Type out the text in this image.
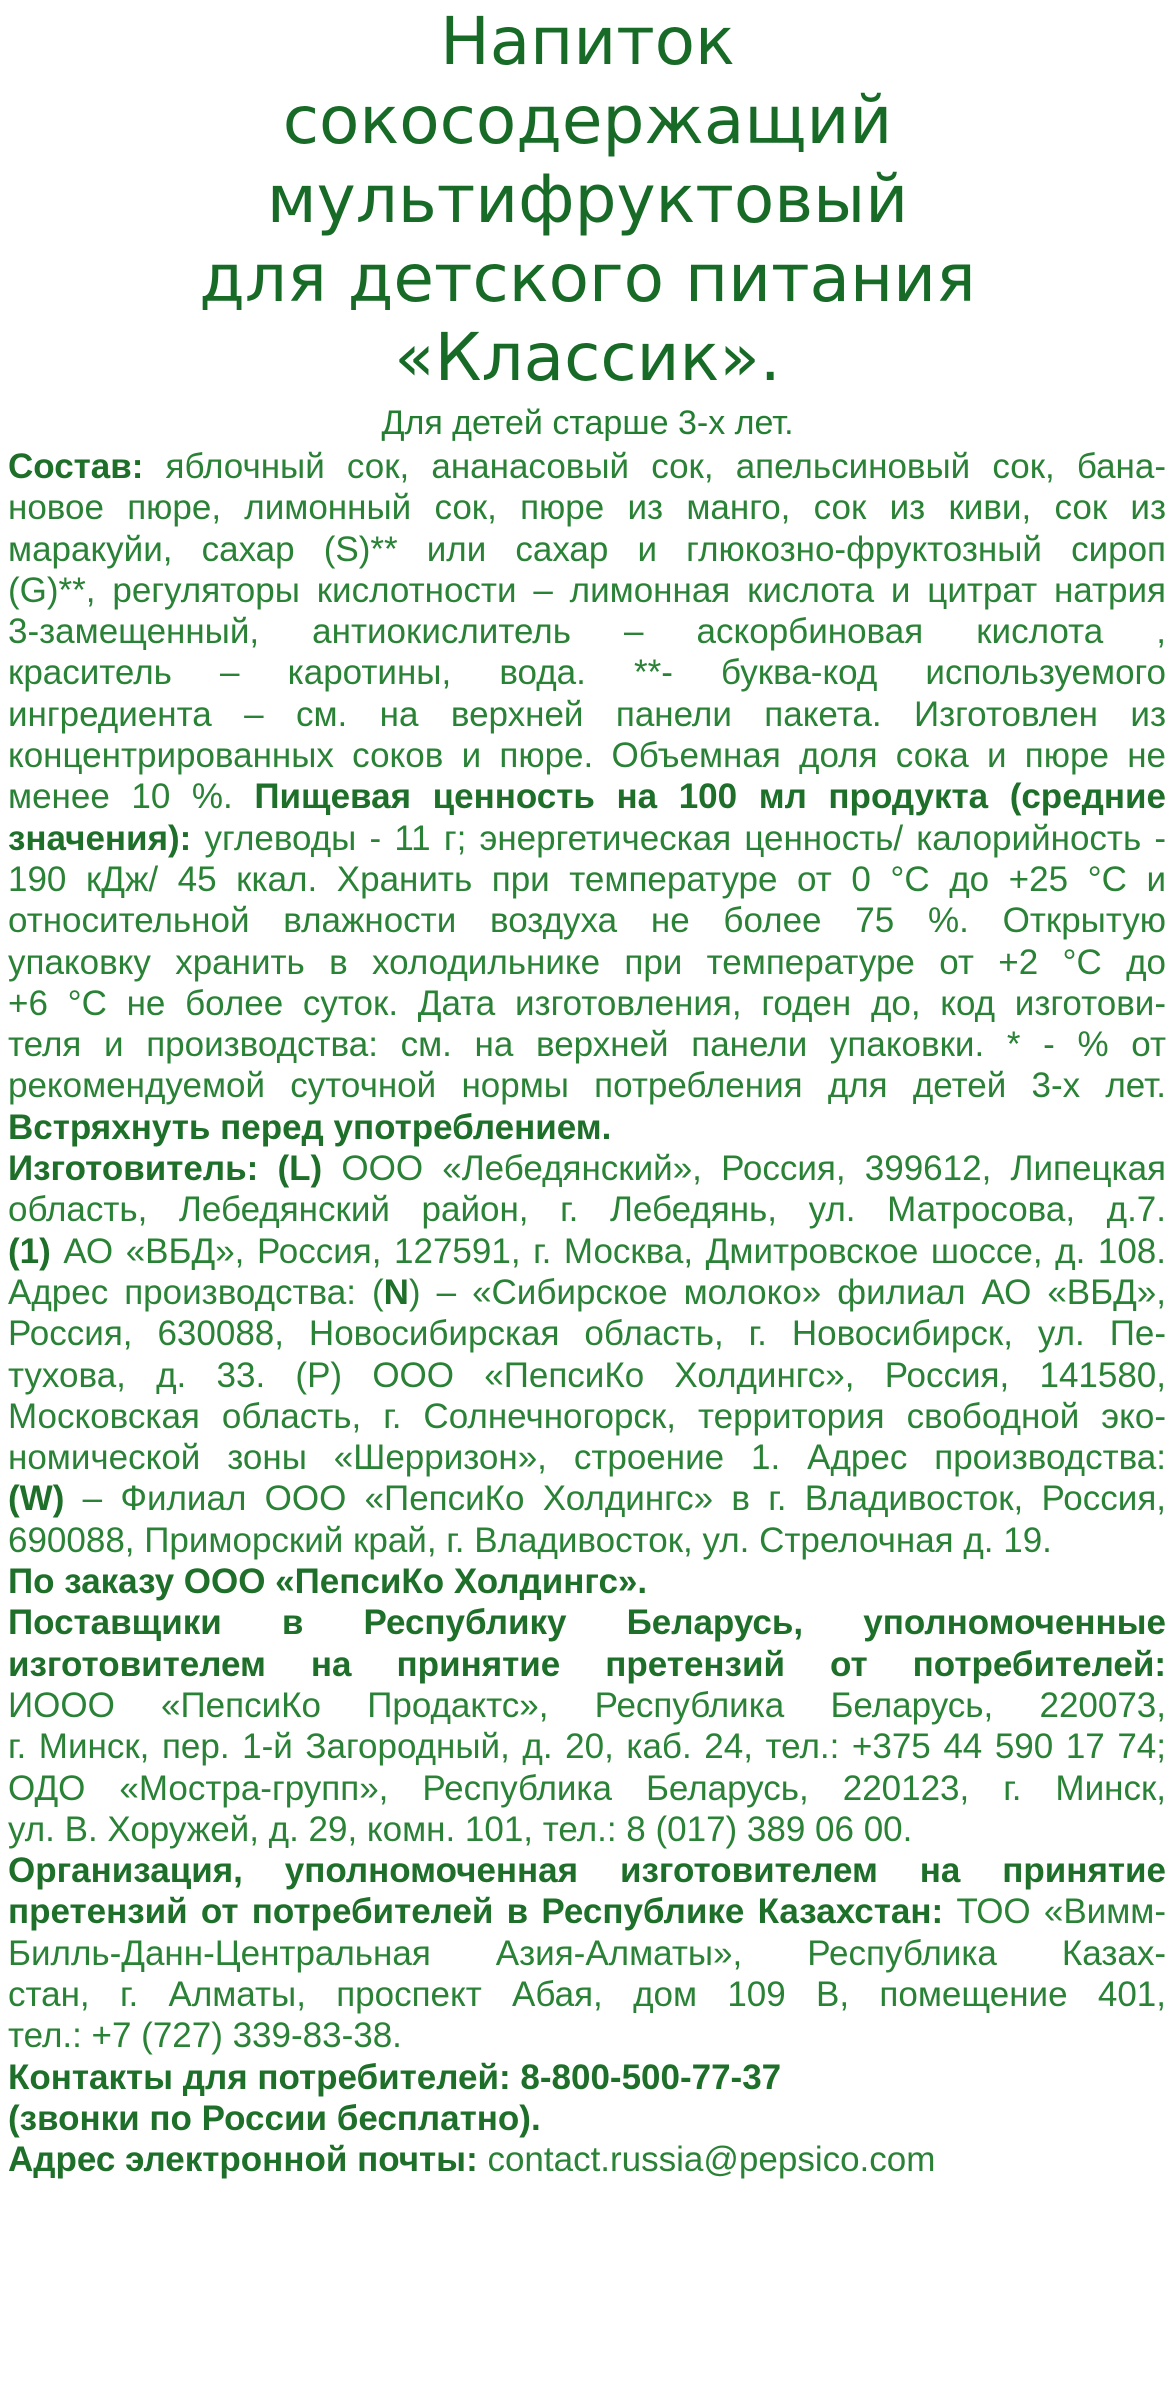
Напиток
сокосодержащий
мультифруктовый
для детского питания
«Классик».
Для детей старше 3-х лет.
Состав: яблочный сок, ананасовый сок, апельсиновый сок, бана-
новое пюре, лимонный сок, пюре из манго, сок из киви, сок из
маракуйи, сахар (S)** или сахар и глюкозно-фруктозный сироп
(G)**, регуляторы кислотности – лимонная кислота и цитрат натрия
3-замещенный, антиокислитель – аскорбиновая кислота ,
краситель – каротины, вода. **- буква-код используемого
ингредиента – см. на верхней панели пакета. Изготовлен из
концентрированных соков и пюре. Объемная доля сока и пюре не
менее 10 %. Пищевая ценность на 100 мл продукта (средние
значения): углеводы - 11 г; энергетическая ценность/ калорийность -
190 кДж/ 45 ккал. Хранить при температуре от 0 °С до +25 °С и
относительной влажности воздуха не более 75 %. Открытую
упаковку хранить в холодильнике при температуре от +2 °С до
+6 °С не более суток. Дата изготовления, годен до, код изготови-
теля и производства: см. на верхней панели упаковки. * - % от
рекомендуемой суточной нормы потребления для детей 3-х лет.
Встряхнуть перед употреблением.
Изготовитель: (L) ООО «Лебедянский», Россия, 399612, Липецкая
область, Лебедянский район, г. Лебедянь, ул. Матросова, д.7.
(1) АО «ВБД», Россия, 127591, г. Москва, Дмитровское шоссе, д. 108.
Адрес производства: (N) – «Сибирское молоко» филиал АО «ВБД»,
Россия, 630088, Новосибирская область, г. Новосибирск, ул. Пе-
тухова, д. 33. (Р) ООО «ПепсиКо Холдингс», Россия, 141580,
Московская область, г. Солнечногорск, территория свободной эко-
номической зоны «Шерризон», строение 1. Адрес производства:
(W) – Филиал ООО «ПепсиКо Холдингс» в г. Владивосток, Россия,
690088, Приморский край, г. Владивосток, ул. Стрелочная д. 19.
По заказу ООО «ПепсиКо Холдингс».
Поставщики в Республику Беларусь, уполномоченные
изготовителем на принятие претензий от потребителей:
ИООО «ПепсиКо Продактс», Республика Беларусь, 220073,
г. Минск, пер. 1-й Загородный, д. 20, каб. 24, тел.: +375 44 590 17 74;
ОДО «Мостра-групп», Республика Беларусь, 220123, г. Минск,
ул. В. Хоружей, д. 29, комн. 101, тел.: 8 (017) 389 06 00.
Организация, уполномоченная изготовителем на принятие
претензий от потребителей в Республике Казахстан: ТОО «Вимм-
Билль-Данн-Центральная Азия-Алматы», Республика Казах-
стан, г. Алматы, проспект Абая, дом 109 В, помещение 401,
тел.: +7 (727) 339-83-38.
Контакты для потребителей: 8-800-500-77-37
(звонки по России бесплатно).
Адрес электронной почты: contact.russia@pepsico.com
